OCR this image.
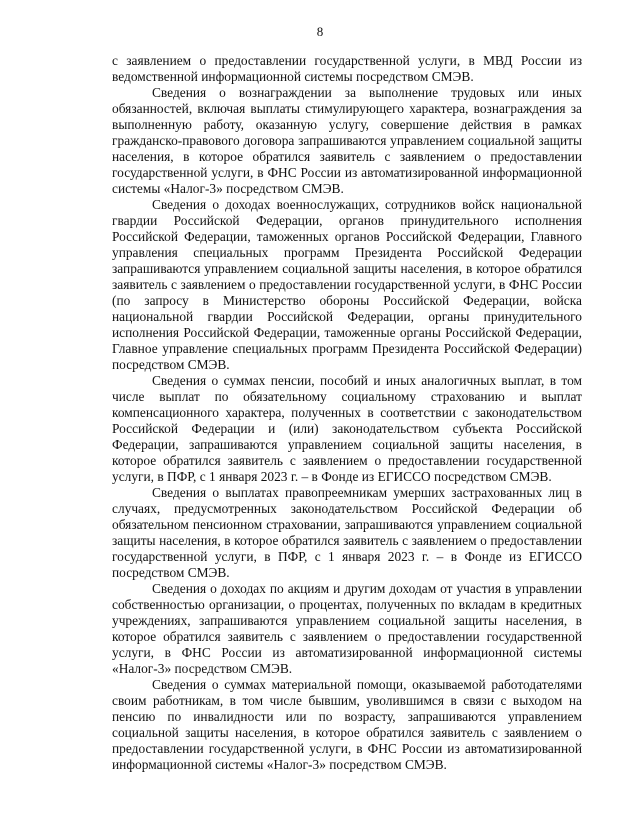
8

с заявлением о предоставлении государственной услуги, в МВД России из ведомственной информационной системы посредством СМЭВ.

Сведения о вознаграждении за выполнение трудовых или иных обязанностей, включая выплаты стимулирующего характера, вознаграждения за выполненную работу, оказанную услугу, совершение действия в рамках гражданско-правового договора запрашиваются управлением социальной защиты населения, в которое обратился заявитель с заявлением о предоставлении государственной услуги, в ФНС России из автоматизированной информационной системы «Налог-3» посредством СМЭВ.

Сведения о доходах военнослужащих, сотрудников войск национальной гвардии Российской Федерации, органов принудительного исполнения Российской Федерации, таможенных органов Российской Федерации, Главного управления специальных программ Президента Российской Федерации запрашиваются управлением социальной защиты населения, в которое обратился заявитель с заявлением о предоставлении государственной услуги, в ФНС России (по запросу в Министерство обороны Российской Федерации, войска национальной гвардии Российской Федерации, органы принудительного исполнения Российской Федерации, таможенные органы Российской Федерации, Главное управление специальных программ Президента Российской Федерации) посредством СМЭВ.

Сведения о суммах пенсии, пособий и иных аналогичных выплат, в том числе выплат по обязательному социальному страхованию и выплат компенсационного характера, полученных в соответствии с законодательством Российской Федерации и (или) законодательством субъекта Российской Федерации, запрашиваются управлением социальной защиты населения, в которое обратился заявитель с заявлением о предоставлении государственной услуги, в ПФР, с 1 января 2023 г. – в Фонде из ЕГИССО посредством СМЭВ.

Сведения о выплатах правопреемникам умерших застрахованных лиц в случаях, предусмотренных законодательством Российской Федерации об обязательном пенсионном страховании, запрашиваются управлением социальной защиты населения, в которое обратился заявитель с заявлением о предоставлении государственной услуги, в ПФР, с 1 января 2023 г. – в Фонде из ЕГИССО посредством СМЭВ.

Сведения о доходах по акциям и другим доходам от участия в управлении собственностью организации, о процентах, полученных по вкладам в кредитных учреждениях, запрашиваются управлением социальной защиты населения, в которое обратился заявитель с заявлением о предоставлении государственной услуги, в ФНС России из автоматизированной информационной системы «Налог-3» посредством СМЭВ.

Сведения о суммах материальной помощи, оказываемой работодателями своим работникам, в том числе бывшим, уволившимся в связи с выходом на пенсию по инвалидности или по возрасту, запрашиваются управлением социальной защиты населения, в которое обратился заявитель с заявлением о предоставлении государственной услуги, в ФНС России из автоматизированной информационной системы «Налог-3» посредством СМЭВ.
